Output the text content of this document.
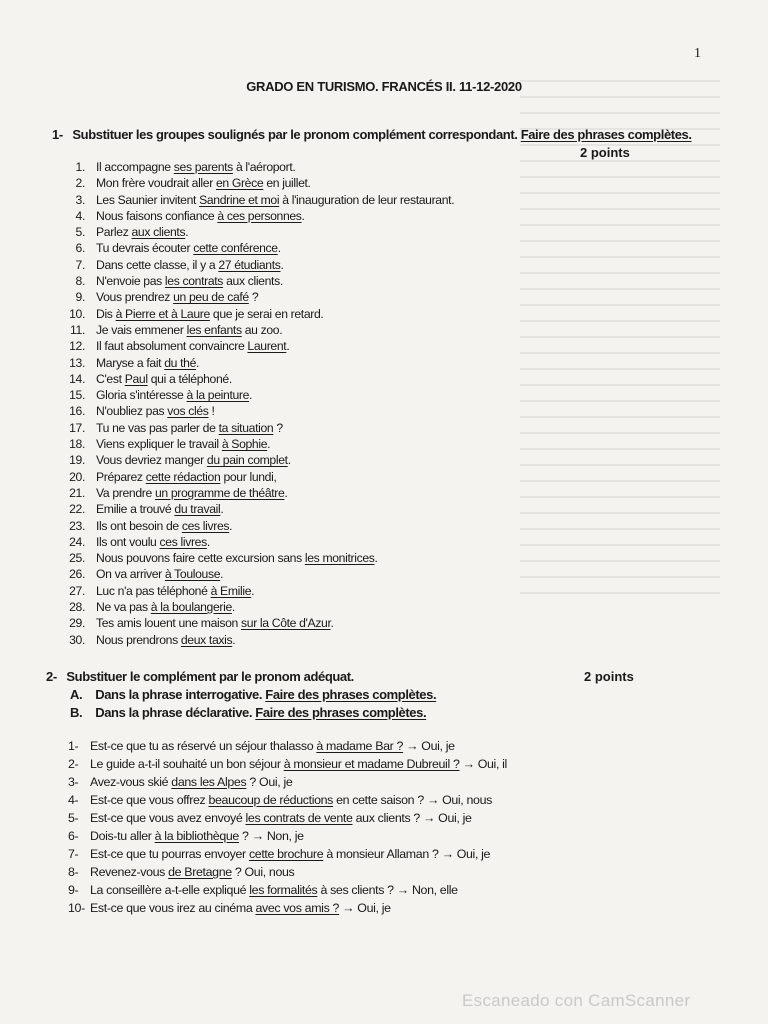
1
GRADO EN TURISMO. FRANCÉS II. 11-12-2020
1- Substituer les groupes soulignés par le pronom complément correspondant. Faire des phrases complètes.
2 points
1. Il accompagne ses parents à l'aéroport.
2. Mon frère voudrait aller en Grèce en juillet.
3. Les Saunier invitent Sandrine et moi à l'inauguration de leur restaurant.
4. Nous faisons confiance à ces personnes.
5. Parlez aux clients.
6. Tu devrais écouter cette conférence.
7. Dans cette classe, il y a 27 étudiants.
8. N'envoie pas les contrats aux clients.
9. Vous prendrez un peu de café ?
10. Dis à Pierre et à Laure que je serai en retard.
11. Je vais emmener les enfants au zoo.
12. Il faut absolument convaincre Laurent.
13. Maryse a fait du thé.
14. C'est Paul qui a téléphoné.
15. Gloria s'intéresse à la peinture.
16. N'oubliez pas vos clés !
17. Tu ne vas pas parler de ta situation ?
18. Viens expliquer le travail à Sophie.
19. Vous devriez manger du pain complet.
20. Préparez cette rédaction pour lundi,
21. Va prendre un programme de théâtre.
22. Emilie a trouvé du travail.
23. Ils ont besoin de ces livres.
24. Ils ont voulu ces livres.
25. Nous pouvons faire cette excursion sans les monitrices.
26. On va arriver à Toulouse.
27. Luc n'a pas téléphoné à Emilie.
28. Ne va pas à la boulangerie.
29. Tes amis louent une maison sur la Côte d'Azur.
30. Nous prendrons deux taxis.
2- Substituer le complément par le pronom adéquat.	2 points
A. Dans la phrase interrogative. Faire des phrases complètes.
B. Dans la phrase déclarative. Faire des phrases complètes.
1- Est-ce que tu as réservé un séjour thalasso à madame Bar ? → Oui, je
2- Le guide a-t-il souhaité un bon séjour à monsieur et madame Dubreuil ? → Oui, il
3- Avez-vous skié dans les Alpes ? Oui, je
4- Est-ce que vous offrez beaucoup de réductions en cette saison ? → Oui, nous
5- Est-ce que vous avez envoyé les contrats de vente aux clients ? → Oui, je
6- Dois-tu aller à la bibliothèque ? → Non, je
7- Est-ce que tu pourras envoyer cette brochure à monsieur Allaman ? → Oui, je
8- Revenez-vous de Bretagne ? Oui, nous
9- La conseillère a-t-elle expliqué les formalités à ses clients ? → Non, elle
10- Est-ce que vous irez au cinéma avec vos amis ? → Oui, je
Escaneado con CamScanner
